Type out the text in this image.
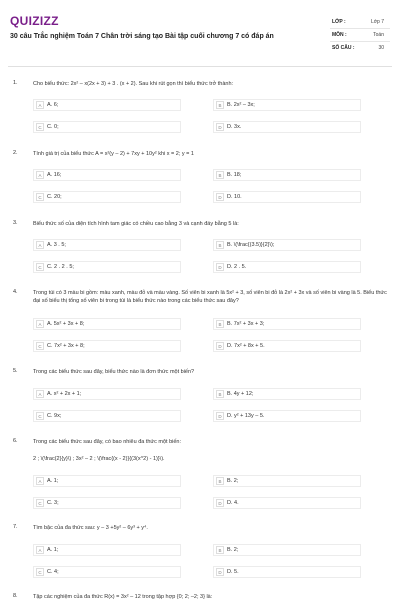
QUIZIZZ
30 câu Trắc nghiệm Toán 7 Chân trời sáng tạo Bài tập cuối chương 7 có đáp án
LỚP :	Lớp 7
MÔN :	Toán
SỐ CÂU :	30
1.	Cho biểu thức: 2x² – x(2x + 3) + 3 . (x + 2). Sau khi rút gọn thì biểu thức trở thành:
A	A. 6;	B	B. 2x² – 3x;
C C. 0;	D D. 3x.
2.	Tính giá trị của biểu thức A = x²(y – 2) + 7xy + 10y² khi x = 2; y = 1
A	A. 16;	B	B. 18;
C C. 20;	D D. 10.
3.	Biểu thức số của diện tích hình tam giác có chiều cao bằng 3 và cạnh đáy bằng 5 là:
A	A. 3 . 5;	B	B. \(\frac{(3.5)}{2}\);
C C. 2 . 2 . 5;	D D. 2 . 5.
4.	Trong túi có 3 màu bi gồm: màu xanh, màu đỏ và màu vàng. Số viên bi xanh là 5x² + 3, số viên bi đỏ là 2x² + 3x và số viên bi vàng là 5. Biểu thức đại số biểu thị tổng số viên bi trong túi là biểu thức nào trong các biểu thức sau đây?
A	A. 5x² + 3x + 8;	B	B. 7x² + 3x + 3;
C C. 7x² + 3x + 8;	D D. 7x² + 8x + 5.
5.	Trong các biểu thức sau đây, biểu thức nào là đơn thức một biến?
A	A. x² + 2x + 1;	B	B. 4y + 12;
C C. 9x;	D D. y² + 13y – 5.
6.	Trong các biểu thức sau đây, có bao nhiêu đa thức một biến:
2 ; \(\frac{2}{y}\) ; 3x² – 2 ; \(\frac{(x - 2)}{(3(x^2) - 1)}\).
A	A. 1;	B	B. 2;
C C. 3;	D D. 4.
7.	Tìm bậc của đa thức sau: y – 3 +5y² – 6y³ + y⁴.
A	A. 1;	B	B. 2;
C C. 4;	D D. 5.
8.	Tập các nghiệm của đa thức R(x) = 3x² – 12 trong tập hợp {0; 2; –2; 3} là:
